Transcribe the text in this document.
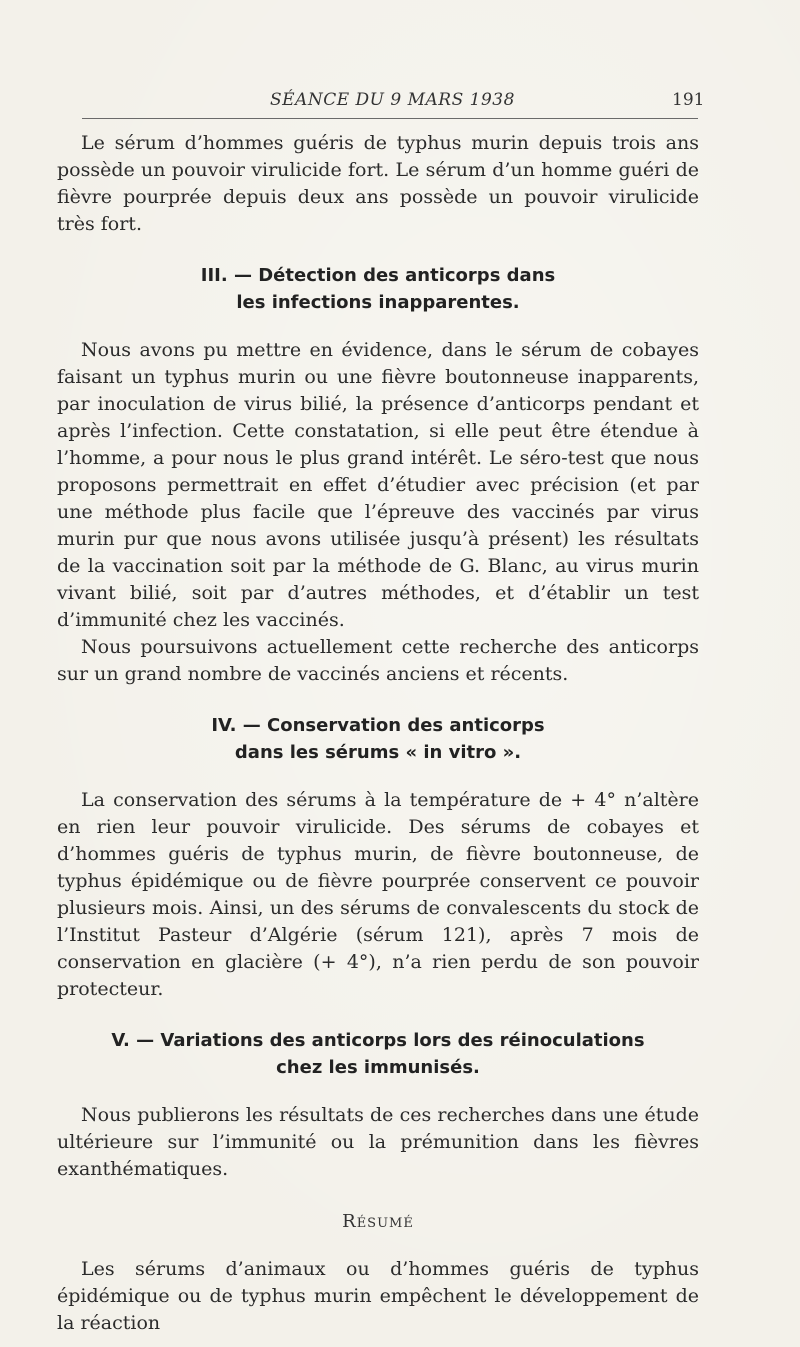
SÉANCE DU 9 MARS 1938	191

Le sérum d’hommes guéris de typhus murin depuis trois ans possède un pouvoir virulicide fort. Le sérum d’un homme guéri de fièvre pourprée depuis deux ans possède un pouvoir virulicide très fort.

III. — Détection des anticorps dans
les infections inapparentes.

Nous avons pu mettre en évidence, dans le sérum de cobayes faisant un typhus murin ou une fièvre boutonneuse inapparents, par inoculation de virus bilié, la présence d’anticorps pendant et après l’infection. Cette constatation, si elle peut être étendue à l’homme, a pour nous le plus grand intérêt. Le séro-test que nous proposons permettrait en effet d’étudier avec précision (et par une méthode plus facile que l’épreuve des vaccinés par virus murin pur que nous avons utilisée jusqu’à présent) les résultats de la vaccination soit par la méthode de G. Blanc, au virus murin vivant bilié, soit par d’autres méthodes, et d’établir un test d’immunité chez les vaccinés.

Nous poursuivons actuellement cette recherche des anticorps sur un grand nombre de vaccinés anciens et récents.

IV. — Conservation des anticorps
dans les sérums « in vitro ».

La conservation des sérums à la température de + 4° n’altère en rien leur pouvoir virulicide. Des sérums de cobayes et d’hommes guéris de typhus murin, de fièvre boutonneuse, de typhus épidémique ou de fièvre pourprée conservent ce pouvoir plusieurs mois. Ainsi, un des sérums de convalescents du stock de l’Institut Pasteur d’Algérie (sérum 121), après 7 mois de conservation en glacière (+ 4°), n’a rien perdu de son pouvoir protecteur.

V. — Variations des anticorps lors des réinoculations
chez les immunisés.

Nous publierons les résultats de ces recherches dans une étude ultérieure sur l’immunité ou la prémunition dans les fièvres exanthématiques.

Résumé

Les sérums d’animaux ou d’hommes guéris de typhus épidémique ou de typhus murin empêchent le développement de la réaction
